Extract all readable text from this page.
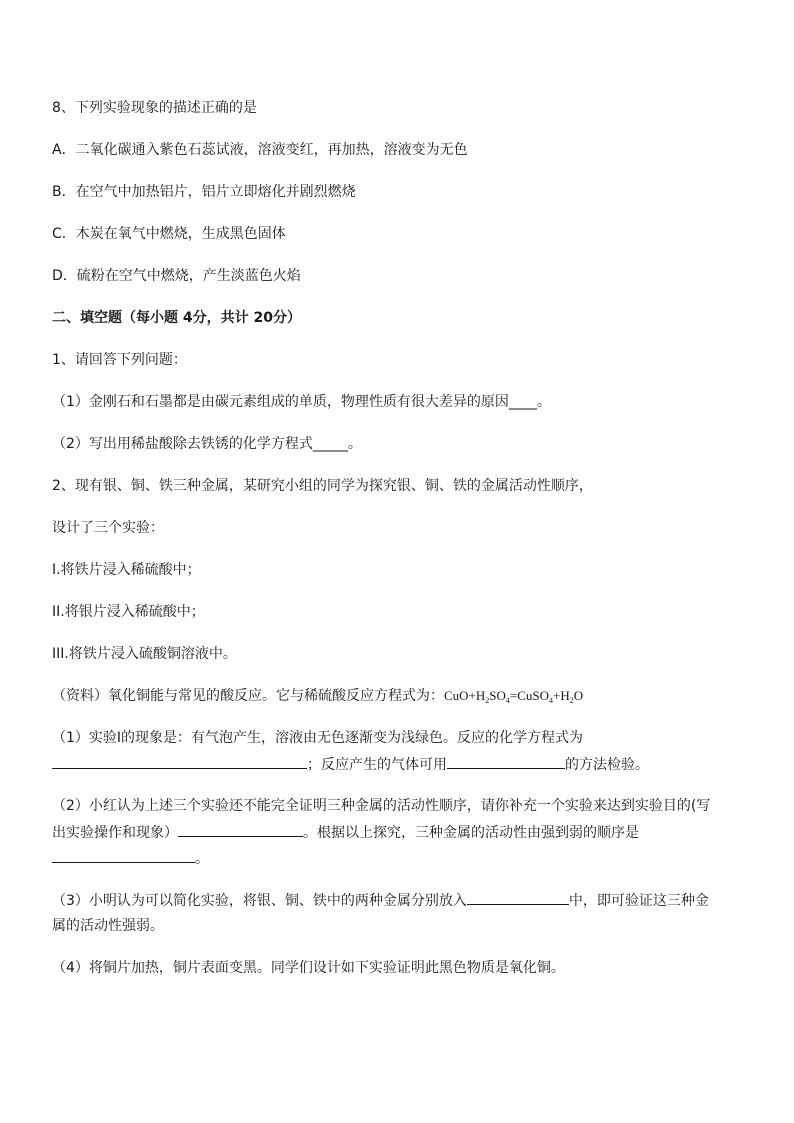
8、下列实验现象的描述正确的是
A．二氧化碳通入紫色石蕊试液，溶液变红，再加热，溶液变为无色
B．在空气中加热铝片，铝片立即熔化并剧烈燃烧
C．木炭在氧气中燃烧，生成黑色固体
D．硫粉在空气中燃烧，产生淡蓝色火焰
二、填空题（每小题 4分，共计 20分）
1、请回答下列问题：
（1）金刚石和石墨都是由碳元素组成的单质，物理性质有很大差异的原因____。
（2）写出用稀盐酸除去铁锈的化学方程式_____。
2、现有银、铜、铁三种金属，某研究小组的同学为探究银、铜、铁的金属活动性顺序，
设计了三个实验：
I.将铁片浸入稀硫酸中；
II.将银片浸入稀硫酸中；
III.将铁片浸入硫酸铜溶液中。
（资料）氧化铜能与常见的酸反应。它与稀硫酸反应方程式为：$CuO+H_2SO_4=CuSO_4+H_2O$
（1）实验Ⅰ的现象是：有气泡产生，溶液由无色逐渐变为浅绿色。反应的化学方程式为
；反应产生的气体可用	的方法检验。
（2）小红认为上述三个实验还不能完全证明三种金属的活动性顺序，请你补充一个实验来达到实验目的(写
出实验操作和现象）	。根据以上探究，三种金属的活动性由强到弱的顺序是
。
（3）小明认为可以简化实验，将银、铜、铁中的两种金属分别放入	中，即可验证这三种金
属的活动性强弱。
（4）将铜片加热，铜片表面变黑。同学们设计如下实验证明此黑色物质是氧化铜。
